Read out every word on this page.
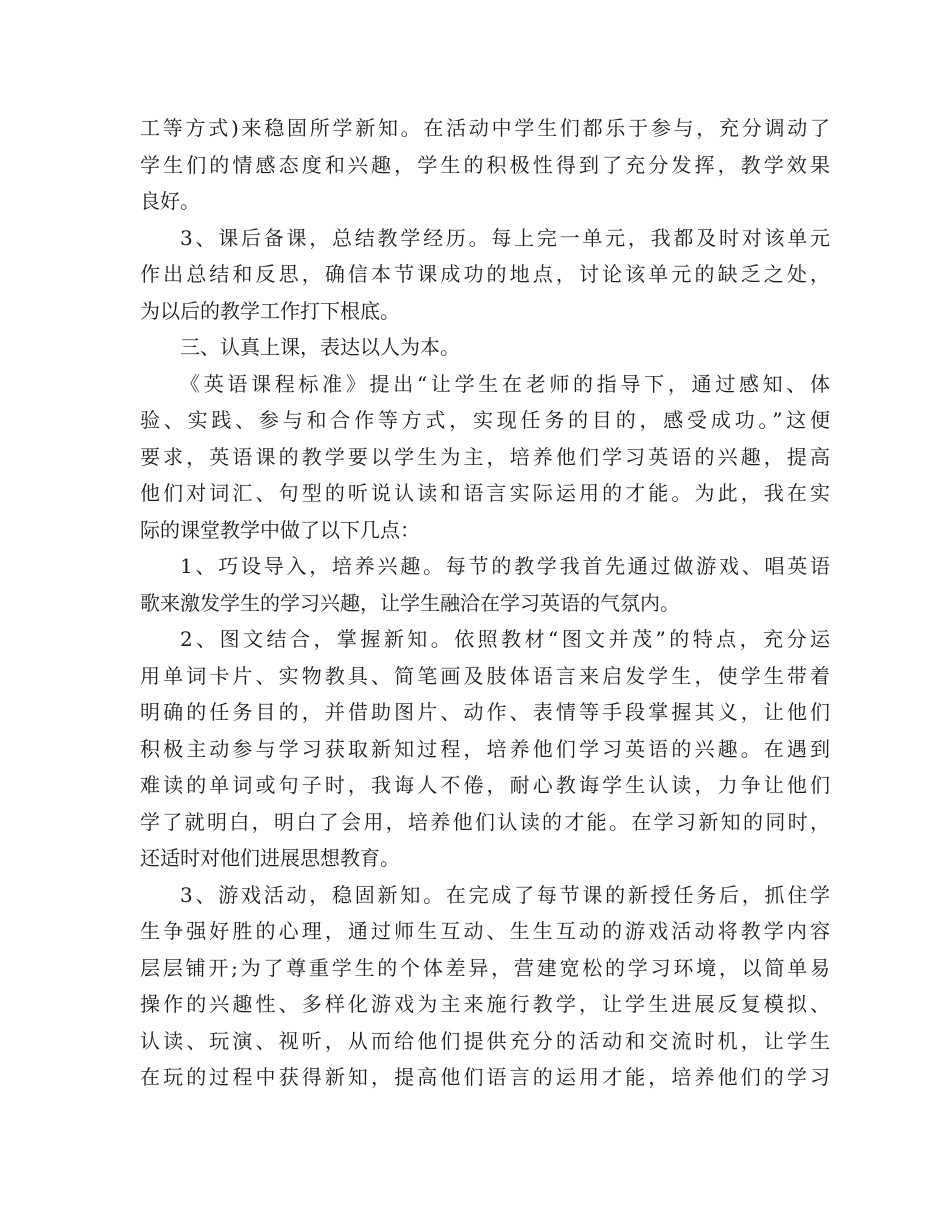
工等方式)来稳固所学新知。在活动中学生们都乐于参与，充分调动了
学生们的情感态度和兴趣，学生的积极性得到了充分发挥，教学效果
良好。
3、课后备课，总结教学经历。每上完一单元，我都及时对该单元
作出总结和反思，确信本节课成功的地点，讨论该单元的缺乏之处，
为以后的教学工作打下根底。
三、认真上课，表达以人为本。
《英语课程标准》提出“让学生在老师的指导下，通过感知、体
验、实践、参与和合作等方式，实现任务的目的，感受成功。”这便
要求，英语课的教学要以学生为主，培养他们学习英语的兴趣，提高
他们对词汇、句型的听说认读和语言实际运用的才能。为此，我在实
际的课堂教学中做了以下几点：
1、巧设导入，培养兴趣。每节的教学我首先通过做游戏、唱英语
歌来激发学生的学习兴趣，让学生融洽在学习英语的气氛内。
2、图文结合，掌握新知。依照教材“图文并茂”的特点，充分运
用单词卡片、实物教具、简笔画及肢体语言来启发学生，使学生带着
明确的任务目的，并借助图片、动作、表情等手段掌握其义，让他们
积极主动参与学习获取新知过程，培养他们学习英语的兴趣。在遇到
难读的单词或句子时，我诲人不倦，耐心教诲学生认读，力争让他们
学了就明白，明白了会用，培养他们认读的才能。在学习新知的同时，
还适时对他们进展思想教育。
3、游戏活动，稳固新知。在完成了每节课的新授任务后，抓住学
生争强好胜的心理，通过师生互动、生生互动的游戏活动将教学内容
层层铺开;为了尊重学生的个体差异，营建宽松的学习环境，以简单易
操作的兴趣性、多样化游戏为主来施行教学，让学生进展反复模拟、
认读、玩演、视听，从而给他们提供充分的活动和交流时机，让学生
在玩的过程中获得新知，提高他们语言的运用才能，培养他们的学习
